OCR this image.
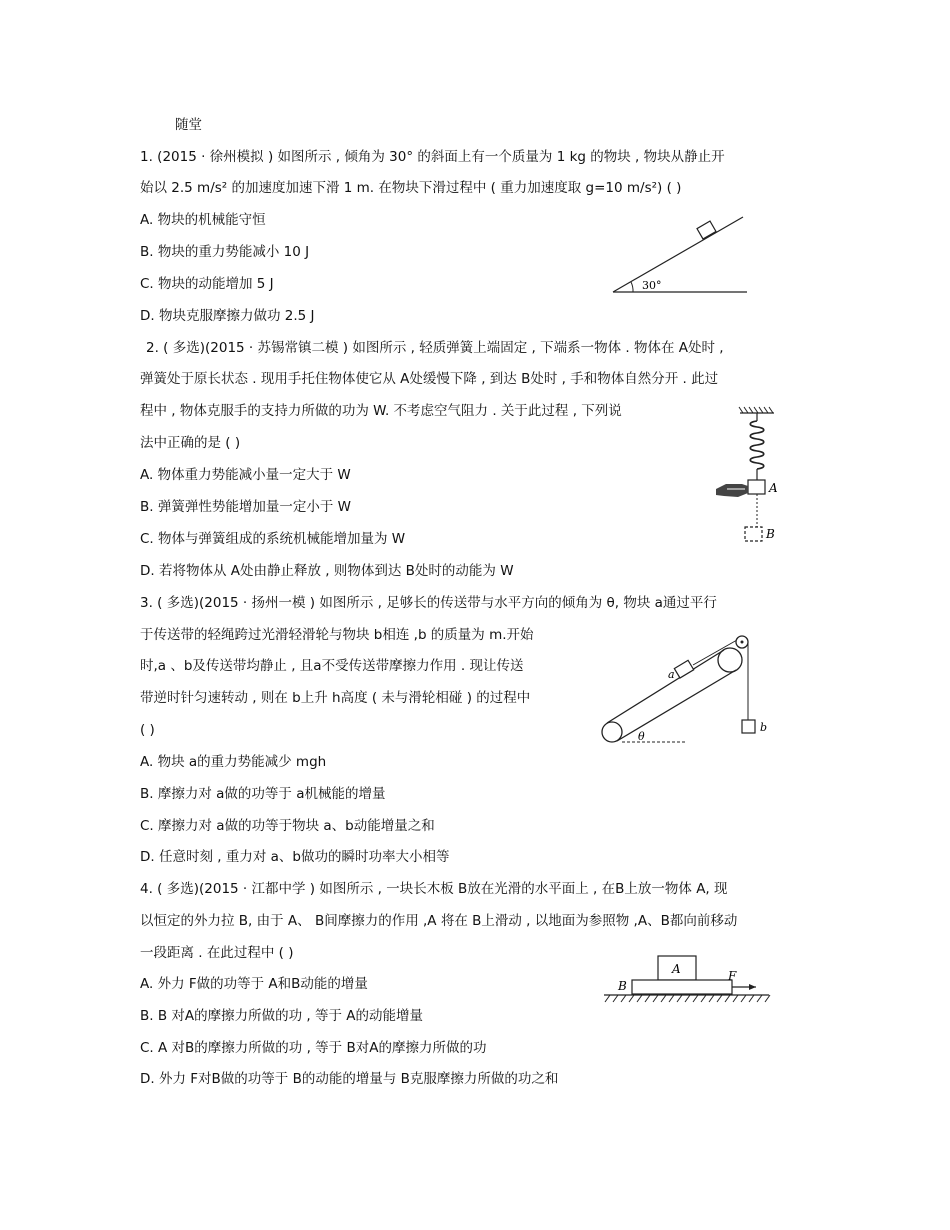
随堂
1. (2015 · 徐州模拟 ) 如图所示 , 倾角为 30° 的斜面上有一个质量为 1 kg 的物块 , 物块从静止开
始以 2.5 m/s² 的加速度加速下滑 1 m. 在物块下滑过程中 ( 重力加速度取 g=10 m/s²) ( )
A. 物块的机械能守恒
B. 物块的重力势能减小 10 J
C. 物块的动能增加 5 J
D. 物块克服摩擦力做功 2.5 J
30°
2. ( 多选)(2015 · 苏锡常镇二模 ) 如图所示 , 轻质弹簧上端固定 , 下端系一物体 . 物体在 A处时 ,
弹簧处于原长状态 . 现用手托住物体使它从 A处缓慢下降 , 到达 B处时 , 手和物体自然分开 . 此过
程中 , 物体克服手的支持力所做的功为 W. 不考虑空气阻力 . 关于此过程 , 下列说
法中正确的是 ( )
A. 物体重力势能减小量一定大于 W
B. 弹簧弹性势能增加量一定小于 W
C. 物体与弹簧组成的系统机械能增加量为 W
D. 若将物体从 A处由静止释放 , 则物体到达 B处时的动能为 W
A
B
3. ( 多选)(2015 · 扬州一模 ) 如图所示 , 足够长的传送带与水平方向的倾角为 θ, 物块 a通过平行
于传送带的轻绳跨过光滑轻滑轮与物块 b相连 ,b 的质量为 m.开始
时,a 、b及传送带均静止 , 且a不受传送带摩擦力作用 . 现让传送
带逆时针匀速转动 , 则在 b上升 h高度 ( 未与滑轮相碰 ) 的过程中
( )
A. 物块 a的重力势能减少 mgh
B. 摩擦力对 a做的功等于 a机械能的增量
C. 摩擦力对 a做的功等于物块 a、b动能增量之和
D. 任意时刻 , 重力对 a、b做功的瞬时功率大小相等
a
b
θ
4. ( 多选)(2015 · 江都中学 ) 如图所示 , 一块长木板 B放在光滑的水平面上 , 在B上放一物体 A, 现
以恒定的外力拉 B, 由于 A、 B间摩擦力的作用 ,A 将在 B上滑动 , 以地面为参照物 ,A、B都向前移动
一段距离 . 在此过程中 ( )
A. 外力 F做的功等于 A和B动能的增量
B. B 对A的摩擦力所做的功 , 等于 A的动能增量
C. A 对B的摩擦力所做的功 , 等于 B对A的摩擦力所做的功
D. 外力 F对B做的功等于 B的动能的增量与 B克服摩擦力所做的功之和
A
B
F
